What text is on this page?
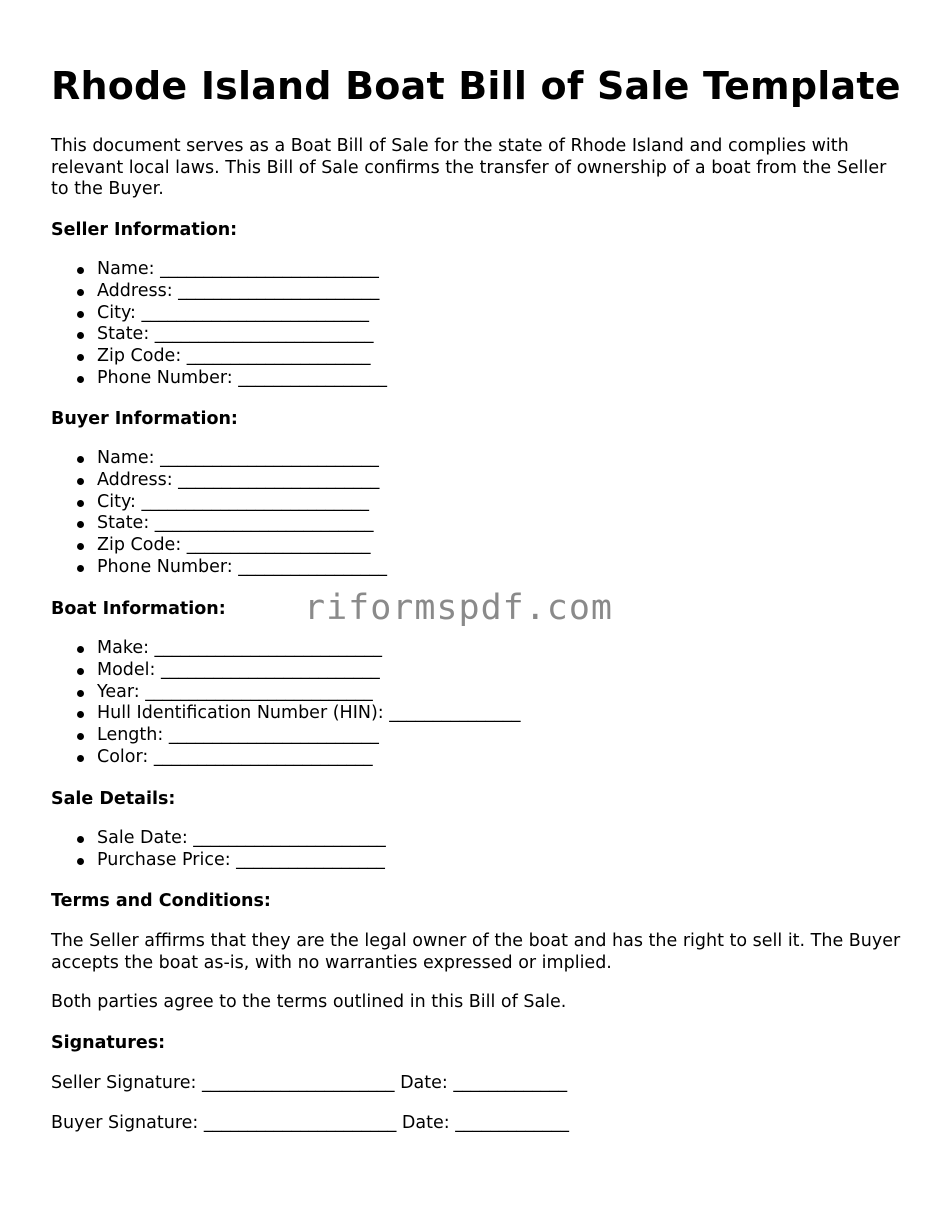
Rhode Island Boat Bill of Sale Template

This document serves as a Boat Bill of Sale for the state of Rhode Island and complies with relevant local laws. This Bill of Sale confirms the transfer of ownership of a boat from the Seller to the Buyer.

Seller Information:
Name: _________________________
Address: _______________________
City: __________________________
State: _________________________
Zip Code: _____________________
Phone Number: _________________
Buyer Information:
Name: _________________________
Address: _______________________
City: __________________________
State: _________________________
Zip Code: _____________________
Phone Number: _________________
Boat Information:
Make: __________________________
Model: _________________________
Year: __________________________
Hull Identification Number (HIN): _______________
Length: ________________________
Color: _________________________
Sale Details:
Sale Date: ______________________
Purchase Price: _________________
Terms and Conditions:

The Seller affirms that they are the legal owner of the boat and has the right to sell it. The Buyer accepts the boat as-is, with no warranties expressed or implied.

Both parties agree to the terms outlined in this Bill of Sale.

Signatures:
Seller Signature: ______________________ Date: _____________
Buyer Signature: ______________________ Date: _____________
riformspdf.com
